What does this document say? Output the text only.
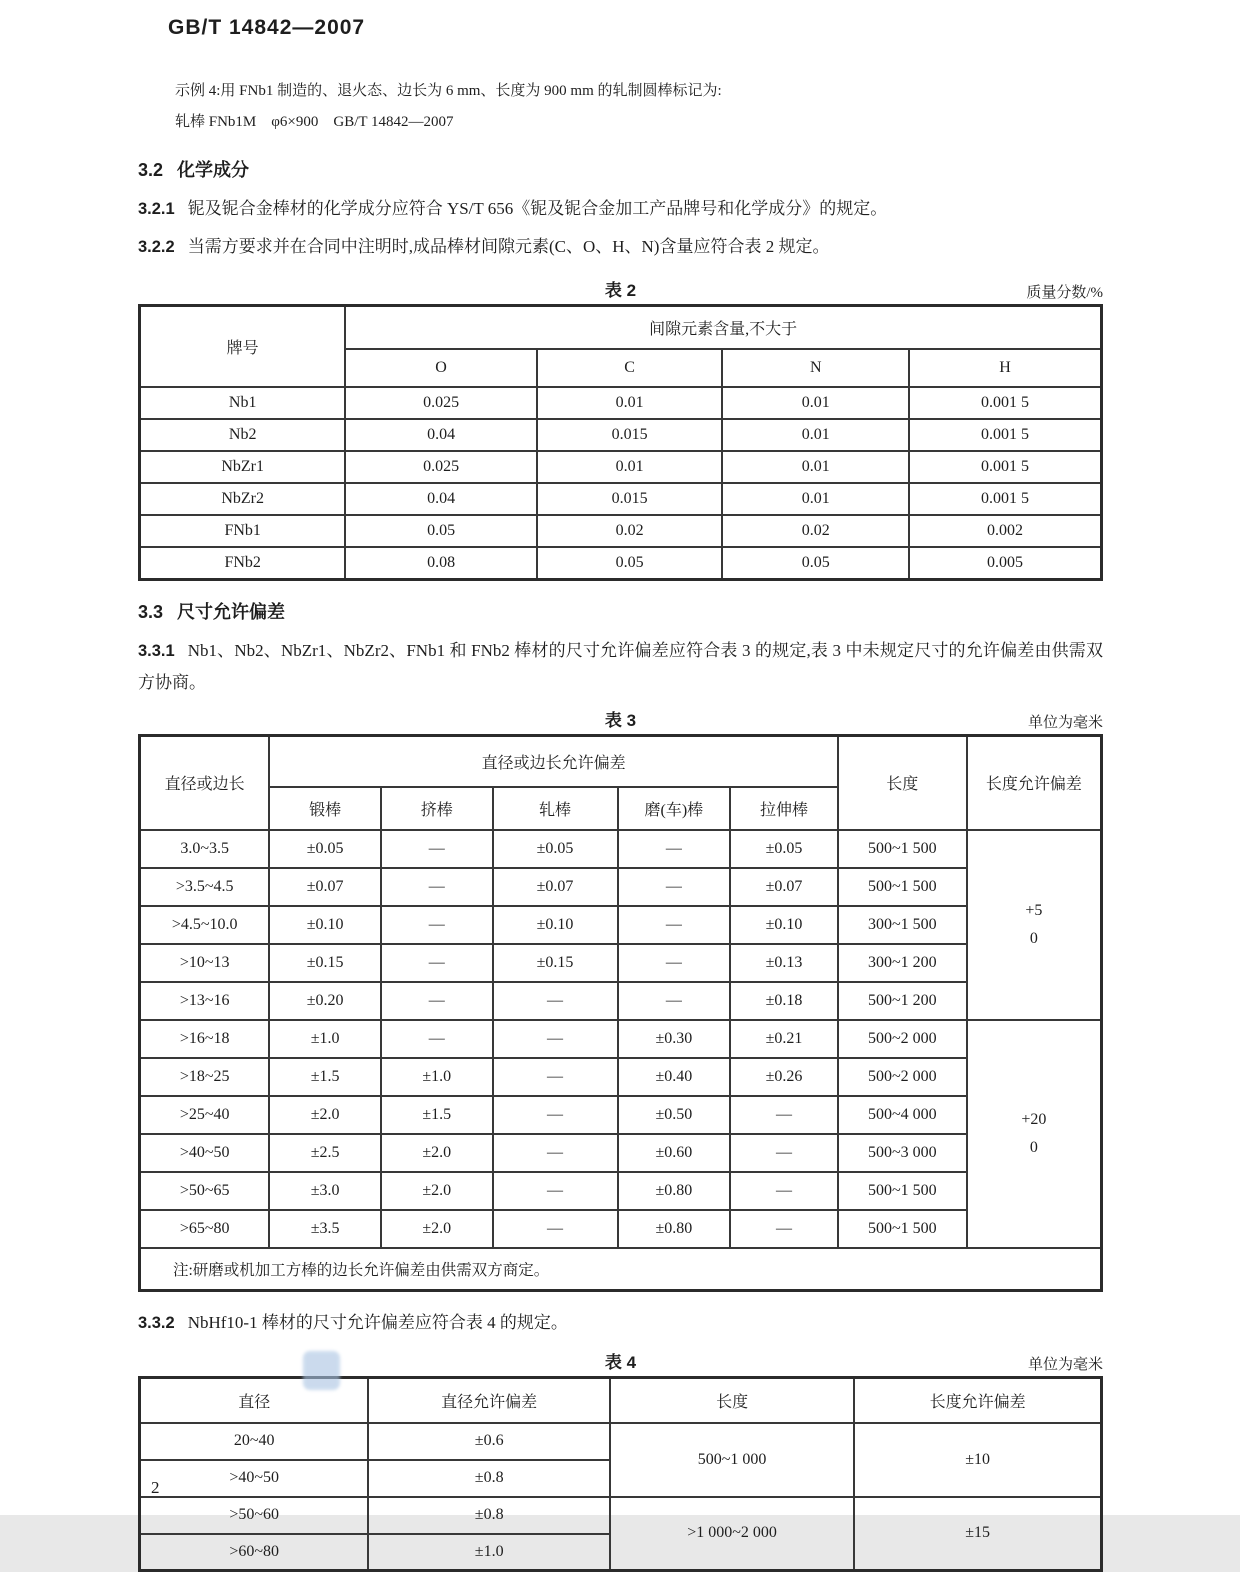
GB/T 14842—2007
示例 4:用 FNb1 制造的、退火态、边长为 6 mm、长度为 900 mm 的轧制圆棒标记为:
轧棒 FNb1M　φ6×900　GB/T 14842—2007
3.2 化学成分
3.2.1 铌及铌合金棒材的化学成分应符合 YS/T 656《铌及铌合金加工产品牌号和化学成分》的规定。
3.2.2 当需方要求并在合同中注明时,成品棒材间隙元素(C、O、H、N)含量应符合表 2 规定。
表 2	质量分数/%
牌号	间隙元素含量,不大于			
	O	C	N	H
Nb1	0.025	0.01	0.01	0.001 5
Nb2	0.04	0.015	0.01	0.001 5
NbZr1	0.025	0.01	0.01	0.001 5
NbZr2	0.04	0.015	0.01	0.001 5
FNb1	0.05	0.02	0.02	0.002
FNb2	0.08	0.05	0.05	0.005
3.3 尺寸允许偏差
3.3.1 Nb1、Nb2、NbZr1、NbZr2、FNb1 和 FNb2 棒材的尺寸允许偏差应符合表 3 的规定,表 3 中未规定尺寸的允许偏差由供需双方协商。
表 3	单位为毫米
直径或边长	直径或边长允许偏差					长度	长度允许偏差
	锻棒	挤棒	轧棒	磨(车)棒	拉伸棒		
3.0~3.5	±0.05	—	±0.05	—	±0.05	500~1 500	+5
0

>3.5~4.5	±0.07	—	±0.07	—	±0.07	500~1 500	
>4.5~10.0	±0.10	—	±0.10	—	±0.10	300~1 500	
>10~13	±0.15	—	±0.15	—	±0.13	300~1 200	
>13~16	±0.20	—	—	—	±0.18	500~1 200	
>16~18	±1.0	—	—	±0.30	±0.21	500~2 000	+20
0

>18~25	±1.5	±1.0	—	±0.40	±0.26	500~2 000	
>25~40	±2.0	±1.5	—	±0.50	—	500~4 000	
>40~50	±2.5	±2.0	—	±0.60	—	500~3 000	
>50~65	±3.0	±2.0	—	±0.80	—	500~1 500	
>65~80	±3.5	±2.0	—	±0.80	—	500~1 500	
注:研磨或机加工方棒的边长允许偏差由供需双方商定。							
3.3.2 NbHf10-1 棒材的尺寸允许偏差应符合表 4 的规定。
表 4	单位为毫米
直径	直径允许偏差	长度	长度允许偏差
20~40	±0.6	500~1 000	±10
>40~50	±0.8		
>50~60	±0.8	>1 000~2 000	±15
>60~80	±1.0		
2
